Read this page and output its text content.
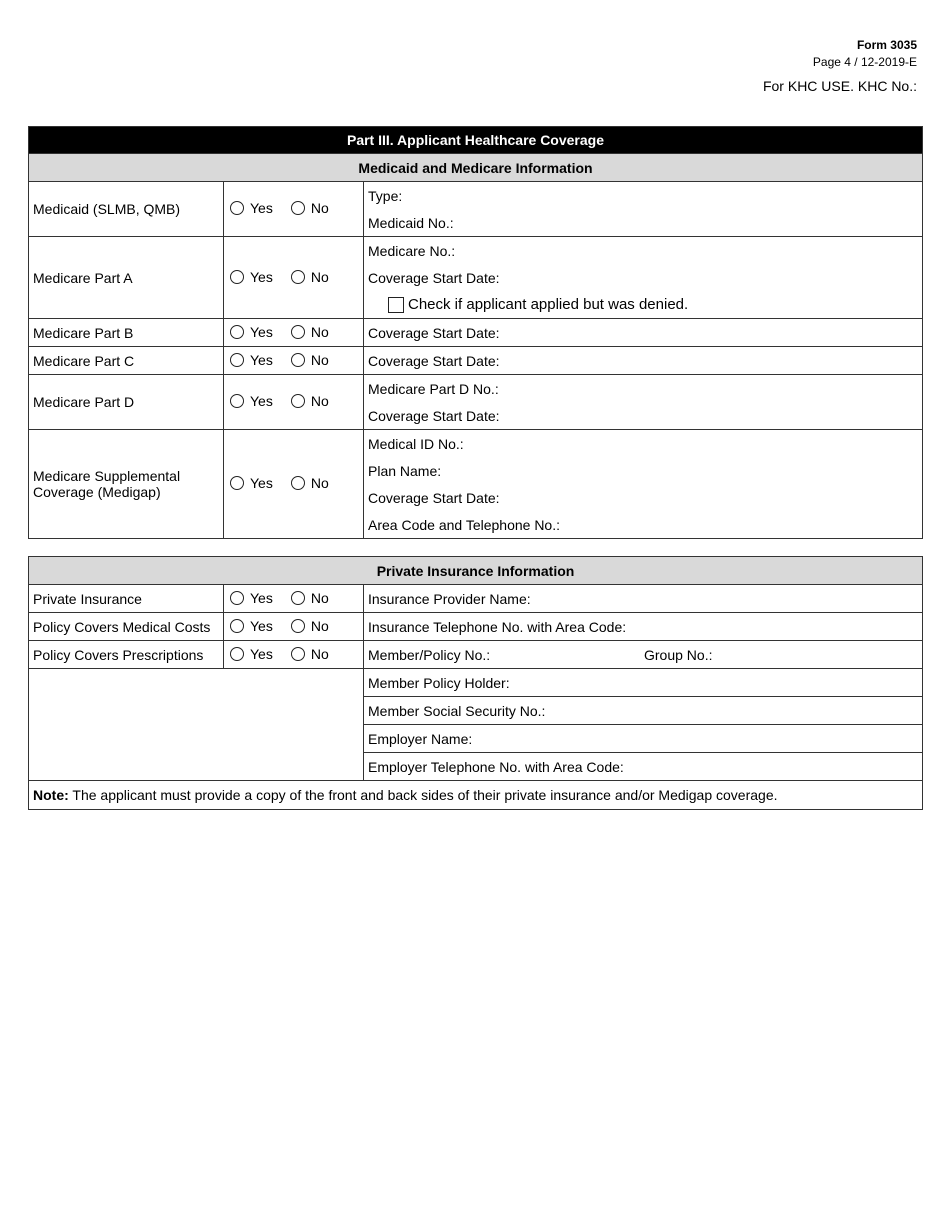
Form 3035
Page 4 / 12-2019-E
For KHC USE. KHC No.:
Part III. Applicant Healthcare Coverage		
Medicaid and Medicare Information		
Medicaid (SLMB, QMB)	Yes No	Type:
		Medicaid No.:
Medicare Part A	Yes No	Medicare No.:
		Coverage Start Date:

		Check if applicant applied but was denied.

Medicare Part B	Yes No	Coverage Start Date:
Medicare Part C	Yes No	Coverage Start Date:
Medicare Part D	Yes No	Medicare Part D No.:
		Coverage Start Date:
Medicare Supplemental Coverage (Medigap)	Yes No	Medical ID No.:
		Plan Name:
		Coverage Start Date:
		Area Code and Telephone No.:
Private Insurance Information		
Private Insurance	Yes No	Insurance Provider Name:
Policy Covers Medical Costs	Yes No	Insurance Telephone No. with Area Code:
Policy Covers Prescriptions	Yes No	Member/Policy No.: Group No.:

		Member Policy Holder:
		Member Social Security No.:
		Employer Name:
		Employer Telephone No. with Area Code:
Note: The applicant must provide a copy of the front and back sides of their private insurance and/or Medigap coverage.		
